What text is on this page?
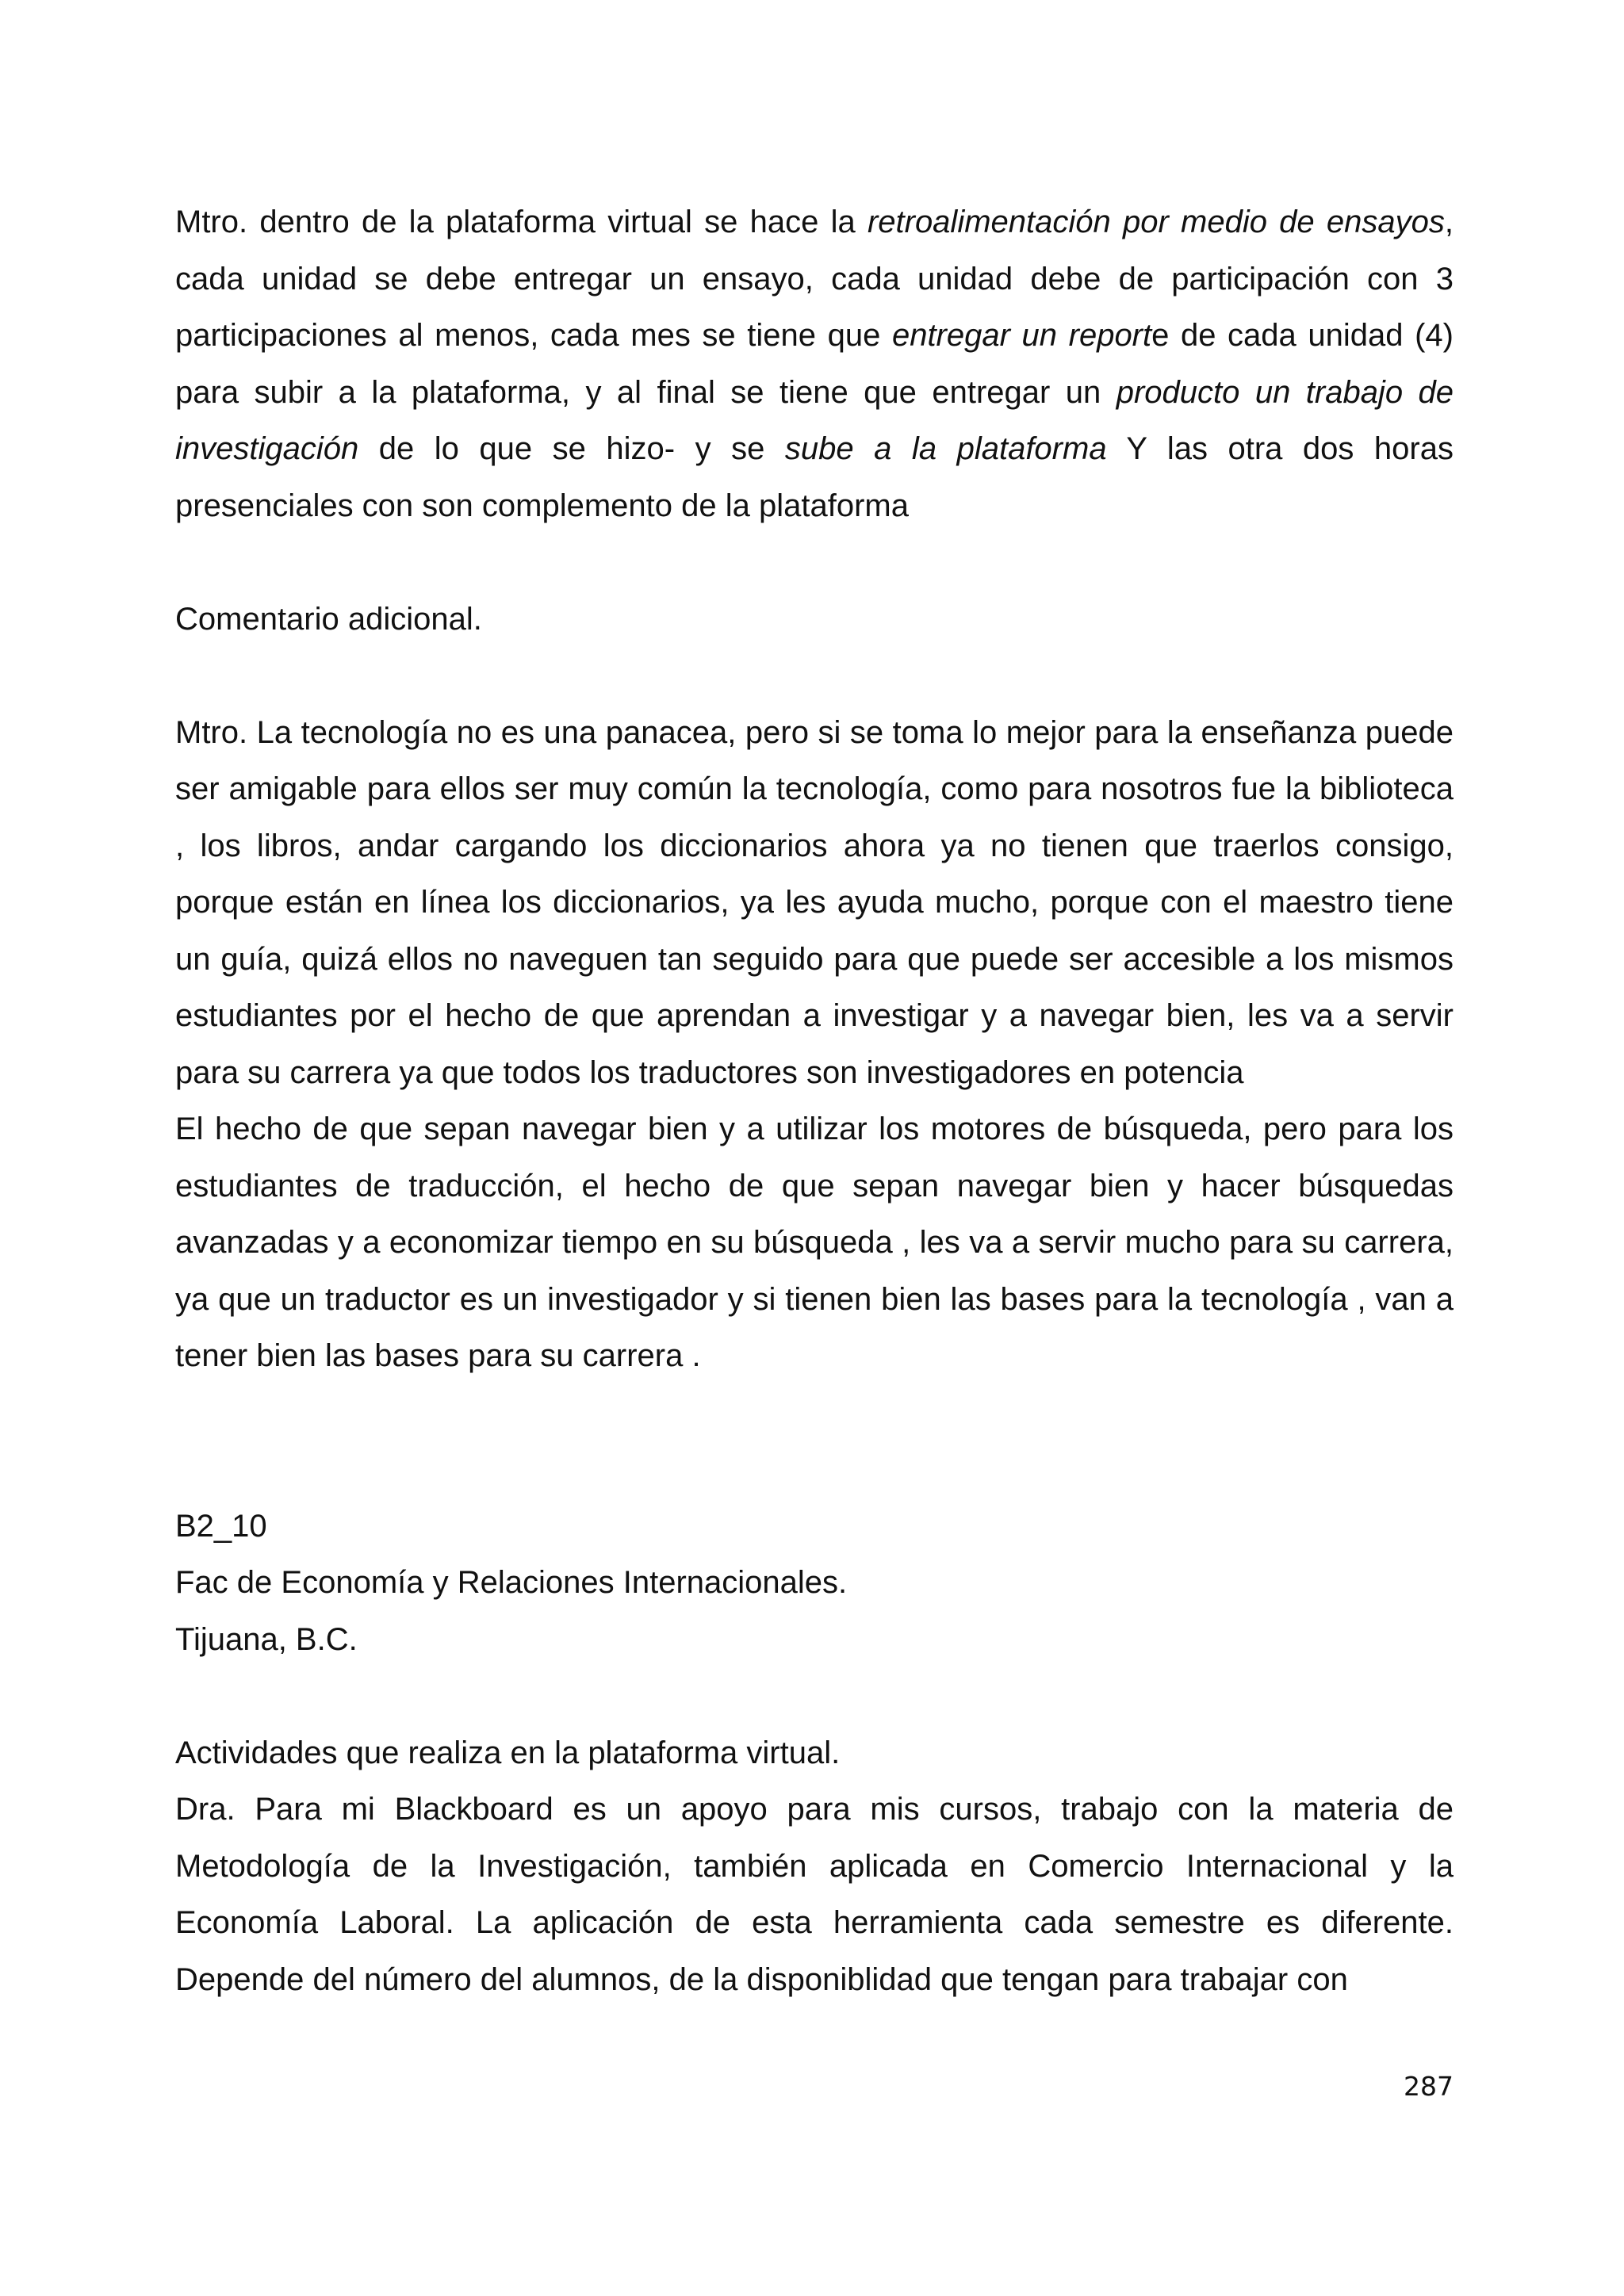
Mtro. dentro de la plataforma virtual se hace la retroalimentación por medio de ensayos, cada unidad se debe entregar un ensayo, cada unidad debe de participación con 3 participaciones al menos, cada mes se tiene que entregar un reporte de cada unidad (4) para subir a la plataforma, y al final se tiene que entregar un producto un trabajo de investigación de lo que se hizo- y se sube a la plataforma Y las otra dos horas presenciales con son complemento de la plataforma

Comentario adicional.

Mtro. La tecnología no es una panacea, pero si se toma lo mejor para la enseñanza puede ser amigable para ellos ser muy común la tecnología, como para nosotros fue la biblioteca , los libros, andar cargando los diccionarios ahora ya no tienen que traerlos consigo, porque están en línea los diccionarios, ya les ayuda mucho, porque con el maestro tiene un guía, quizá ellos no naveguen tan seguido para que puede ser accesible a los mismos estudiantes por el hecho de que aprendan a investigar y a navegar bien, les va a servir para su carrera ya que todos los traductores son investigadores en potencia

El hecho de que sepan navegar bien y a utilizar los motores de búsqueda, pero para los estudiantes de traducción, el hecho de que sepan navegar bien y hacer búsquedas avanzadas y a economizar tiempo en su búsqueda , les va a servir mucho para su carrera, ya que un traductor es un investigador y si tienen bien las bases para la tecnología , van a tener bien las bases para su carrera .

B2_10

Fac de Economía y Relaciones Internacionales.

Tijuana, B.C.

Actividades que realiza en la plataforma virtual.

Dra. Para mi Blackboard es un apoyo para mis cursos, trabajo con la materia de Metodología de la Investigación, también aplicada en Comercio Internacional y la Economía Laboral. La aplicación de esta herramienta cada semestre es diferente. Depende del número del alumnos, de la disponiblidad que tengan para trabajar con

287
